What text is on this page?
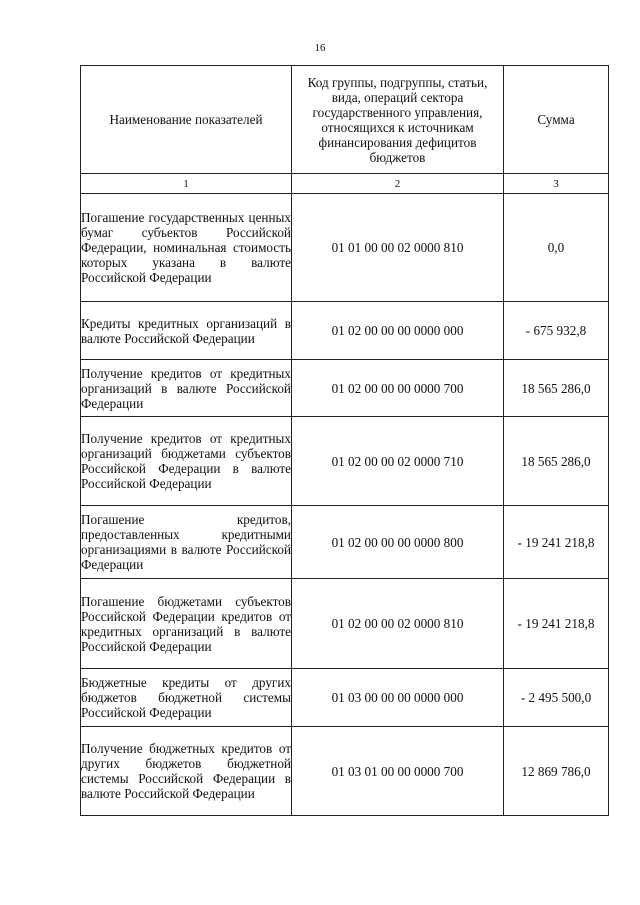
16
Наименование показателей	Код группы, подгруппы, статьи, вида, операций сектора государственного управления, относящихся к источникам финансирования дефицитов бюджетов	Сумма
1	2	3
Погашение государственных ценных бумаг субъектов Российской Федерации, номинальная стоимость которых указана в валюте Российской Федерации	01 01 00 00 02 0000 810	0,0
Кредиты кредитных организаций в валюте Российской Федерации	01 02 00 00 00 0000 000	- 675 932,8
Получение кредитов от кредитных организаций в валюте Российской Федерации	01 02 00 00 00 0000 700	18 565 286,0
Получение кредитов от кредитных организаций бюджетами субъектов Российской Федерации в валюте Российской Федерации	01 02 00 00 02 0000 710	18 565 286,0
Погашение кредитов, предоставленных кредитными организациями в валюте Российской Федерации	01 02 00 00 00 0000 800	- 19 241 218,8
Погашение бюджетами субъектов Российской Федерации кредитов от кредитных организаций в валюте Российской Федерации	01 02 00 00 02 0000 810	- 19 241 218,8
Бюджетные кредиты от других бюджетов бюджетной системы Российской Федерации	01 03 00 00 00 0000 000	- 2 495 500,0
Получение бюджетных кредитов от других бюджетов бюджетной системы Российской Федерации в валюте Российской Федерации	01 03 01 00 00 0000 700	12 869 786,0
